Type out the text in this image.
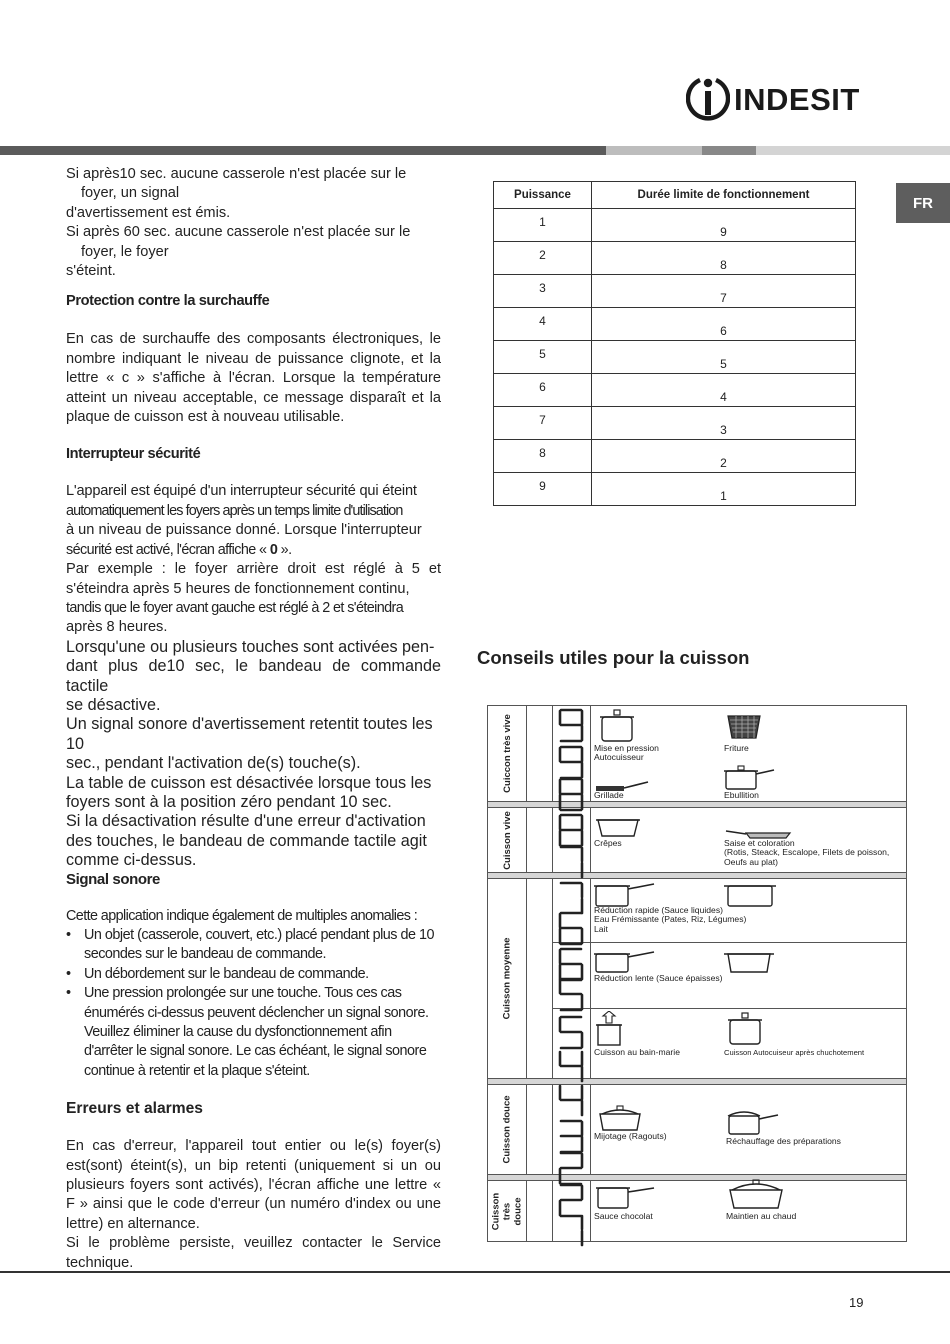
INDESIT
FR

Si après10 sec. aucune casserole n'est placée sur le

foyer, un signal

d'avertissement est émis.

Si après 60 sec. aucune casserole n'est placée sur le

foyer, le foyer

s'éteint.

Protection contre la surchauffe

En cas de surchauffe des composants électroniques, le nombre indiquant le niveau de puissance clignote, et la lettre « c » s'affiche à l'écran. Lorsque la température atteint un niveau acceptable, ce message disparaît et la plaque de cuisson est à nouveau utilisable.

Interrupteur sécurité

L'appareil est équipé d'un interrupteur sécurité qui éteint

automatiquement les foyers après un temps limite d'utilisation

à un niveau de puissance donné. Lorsque l'interrupteur

sécurité est activé, l'écran affiche « 0 ».

Par exemple : le foyer arrière droit est réglé à 5 et s'éteindra après 5 heures de fonctionnement continu,

tandis que le foyer avant gauche est réglé à 2 et s'éteindra

après 8 heures.

Lorsqu'une ou plusieurs touches sont activées pen-

dant plus de10 sec, le bandeau de commande tactile

se désactive.

Un signal sonore d'avertissement retentit toutes les

10

sec., pendant l'activation de(s) touche(s).

La table de cuisson est désactivée lorsque tous les

foyers sont à la position zéro pendant 10 sec.

Si la désactivation résulte d'une erreur d'activation

des touches, le bandeau de commande tactile agit

comme ci-dessus.

Signal sonore

Cette application indique également de multiples anomalies :

• Un objet (casserole, couvert, etc.) placé pendant plus de 10 secondes sur le bandeau de commande.
• Un débordement sur le bandeau de commande.
• Une pression prolongée sur une touche. Tous ces cas énumérés ci-dessus peuvent déclencher un signal sonore. Veuillez éliminer la cause du dysfonctionnement afin d'arrêter le signal sonore. Le cas échéant, le signal sonore continue à retentir et la plaque s'éteint.
Erreurs et alarmes

En cas d'erreur, l'appareil tout entier ou le(s) foyer(s) est(sont) éteint(s), un bip retenti (uniquement si un ou plusieurs foyers sont activés), l'écran affiche une lettre « F » ainsi que le code d'erreur (un numéro d'index ou une lettre) en alternance.

Si le problème persiste, veuillez contacter le Service technique.

Puissance	Durée limite de fonctionnement
1	9
2	8
3	7
4	6
5	5
6	4
7	3
8	2
9	1
Conseils utiles pour la cuisson
Cuiccon très vive
Cuisson vive
Cuisson moyenne
Cuisson douce
Cuisson très douce
Mise en pression
Autocuisseur
Friture
Grillade	Ebullition
Crêpes	Saise et coloration
(Rotis, Steack, Escalope, Filets de poisson,
Oeufs au plat)
Réduction rapide (Sauce liquides)
Eau Frémissante (Pates, Riz, Légumes)
Lait
Réduction lente (Sauce épaisses)
Cuisson au bain-marie	Cuisson Autocuiseur après chuchotement
Mijotage (Ragouts)	Réchauffage des préparations
Sauce chocolat	Maintien au chaud
19
